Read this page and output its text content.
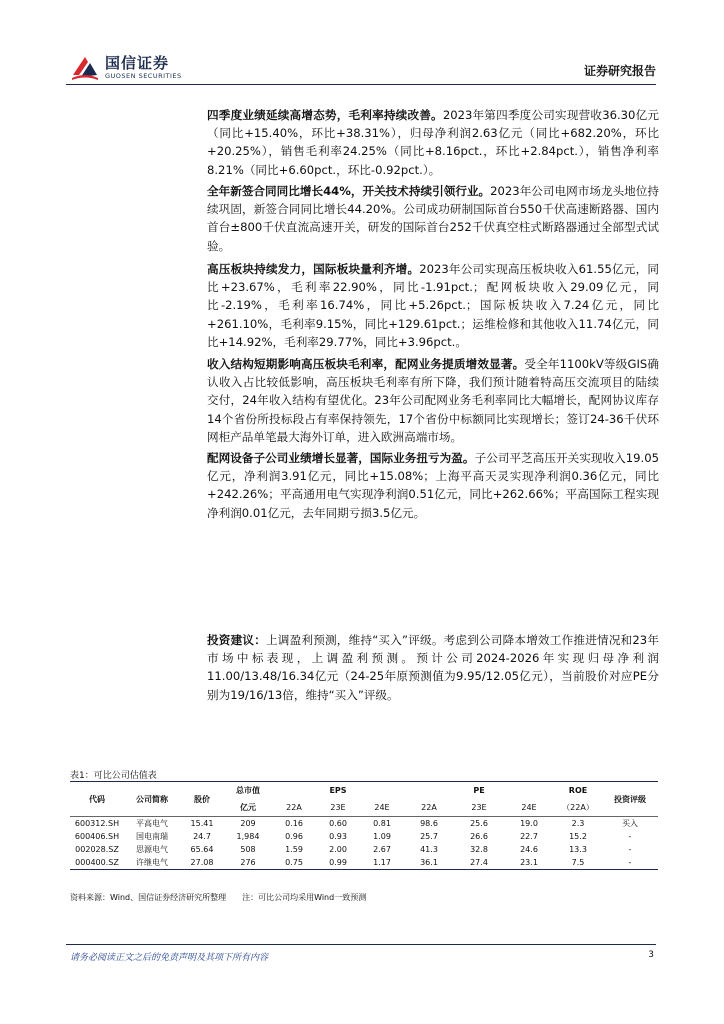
国信证券
GUOSEN SECURITIES	证券研究报告
四季度业绩延续高增态势，毛利率持续改善。2023年第四季度公司实现营收36.30亿元（同比+15.40%，环比+38.31%），归母净利润2.63亿元（同比+682.20%，环比+20.25%），销售毛利率24.25%（同比+8.16pct.，环比+2.84pct.），销售净利率8.21%（同比+6.60pct.，环比-0.92pct.）。
全年新签合同同比增长44%，开关技术持续引领行业。2023年公司电网市场龙头地位持续巩固，新签合同同比增长44.20%。公司成功研制国际首台550千伏高速断路器、国内首台±800千伏直流高速开关，研发的国际首台252千伏真空柱式断路器通过全部型式试验。
高压板块持续发力，国际板块量利齐增。2023年公司实现高压板块收入61.55亿元，同比+23.67%，毛利率22.90%，同比-1.91pct.；配网板块收入29.09亿元，同比-2.19%，毛利率16.74%，同比+5.26pct.；国际板块收入7.24亿元，同比+261.10%，毛利率9.15%，同比+129.61pct.；运维检修和其他收入11.74亿元，同比+14.92%，毛利率29.77%，同比+3.96pct.。
收入结构短期影响高压板块毛利率，配网业务提质增效显著。受全年1100kV等级GIS确认收入占比较低影响，高压板块毛利率有所下降，我们预计随着特高压交流项目的陆续交付，24年收入结构有望优化。23年公司配网业务毛利率同比大幅增长，配网协议库存14个省份所投标段占有率保持领先，17个省份中标额同比实现增长；签订24-36千伏环网柜产品单笔最大海外订单，进入欧洲高端市场。
配网设备子公司业绩增长显著，国际业务扭亏为盈。子公司平芝高压开关实现收入19.05亿元，净利润3.91亿元，同比+15.08%；上海平高天灵实现净利润0.36亿元，同比+242.26%；平高通用电气实现净利润0.51亿元，同比+262.66%；平高国际工程实现净利润0.01亿元，去年同期亏损3.5亿元。
投资建议：上调盈利预测，维持“买入”评级。考虑到公司降本增效工作推进情况和23年市场中标表现，上调盈利预测。预计公司2024-2026年实现归母净利润11.00/13.48/16.34亿元（24-25年原预测值为9.95/12.05亿元），当前股价对应PE分别为19/16/13倍，维持“买入”评级。
表1：可比公司估值表
代码	公司简称	股价	总市值	EPS			PE			ROE	投资评级
			亿元	22A	23E	24E	22A	23E	24E	（22A）	
600312.SH	平高电气	15.41	209	0.16	0.60	0.81	98.6	25.6	19.0	2.3	买入
600406.SH	国电南瑞	24.7	1,984	0.96	0.93	1.09	25.7	26.6	22.7	15.2	-
002028.SZ	思源电气	65.64	508	1.59	2.00	2.67	41.3	32.8	24.6	13.3	-
000400.SZ	许继电气	27.08	276	0.75	0.99	1.17	36.1	27.4	23.1	7.5	-
资料来源：Wind、国信证券经济研究所整理　　注：可比公司均采用Wind一致预测
请务必阅读正文之后的免责声明及其项下所有内容	3
